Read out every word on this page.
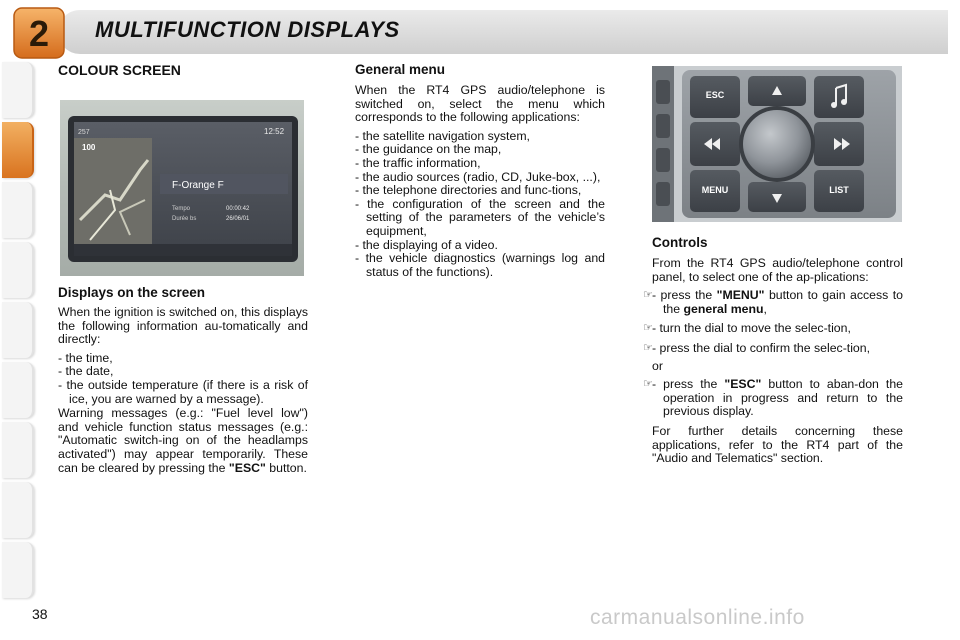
2 MULTIFUNCTION DISPLAYS
COLOUR SCREEN
257	12:52
100
F-Orange F
Tempo	00:00:42
Durée bs	26/06/01
Displays on the screen

When the ignition is switched on, this displays the following information au-tomatically and directly:

- the time,
- the date,
- the outside temperature (if there is a risk of ice, you are warned by a message).

Warning messages (e.g.: "Fuel level low") and vehicle function status messages (e.g.: "Automatic switch-ing on of the headlamps activated") may appear temporarily. These can be cleared by pressing the "ESC" button.

General menu

When the RT4 GPS audio/telephone is switched on, select the menu which corresponds to the following applications:

- the satellite navigation system,
- the guidance on the map,
- the traffic information,
- the audio sources (radio, CD, Juke-box, ...),
- the telephone directories and func-tions,
- the configuration of the screen and the setting of the parameters of the vehicle’s equipment,
- the displaying of a video.
- the vehicle diagnostics (warnings log and status of the functions).
ESC
MENU	LIST
Controls

From the RT4 GPS audio/telephone control panel, to select one of the ap-plications:

- ☞ press the "MENU" button to gain access to the general menu,
- ☞ turn the dial to move the selec-tion,
- ☞ press the dial to confirm the selec-tion,

or

- ☞ press the "ESC" button to aban-don the operation in progress and return to the previous display.

For further details concerning these applications, refer to the RT4 part of the "Audio and Telematics" section.

38	carmanualsonline.info
